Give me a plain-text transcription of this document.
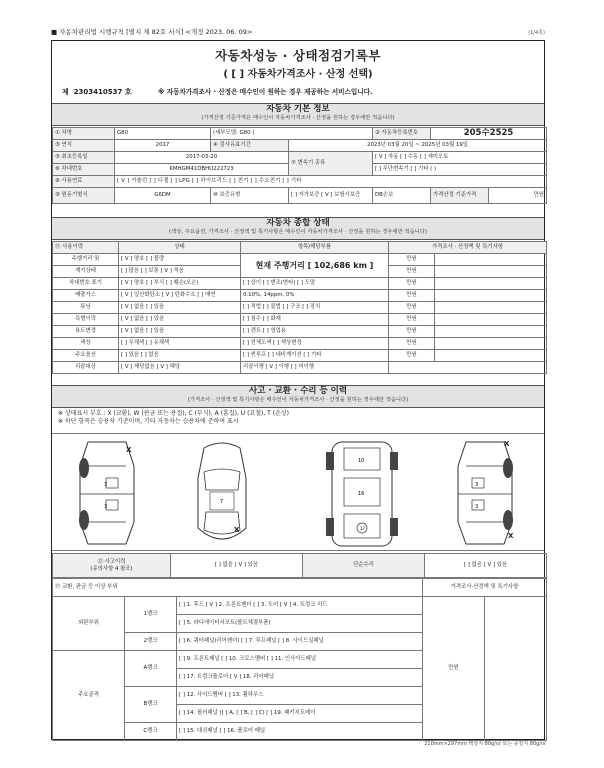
■ 자동차관리법 시행규칙 [별지 제 82호 서식] <개정 2023. 06. 09>	(1/4쪽)
자동차성능 · 상태점검기록부
( [ ] 자동차가격조사 · 산정 선택)
제 2303410537 호	※ 자동차가격조사 · 산정은 매수인이 원하는 경우 제공하는 서비스입니다.
자동차 기본 정보
(가격산정 기준가격은 매수인이 자동차가격조사 · 산정을 원하는 경우에만 적습니다)
① 차명	G80	(세부모델: G80 )		② 자동차등록번호	205수2525	
③ 연식	2017	④ 검사유효기간	2023년 03월 20일 ~ 2025년 03월 19일			
⑤ 최초등록일	2017-03-20		⑦ 변속기 종류	[ V ] 자동 [ ] 수동 [ ] 세미오토		
⑥ 차대번호	KMHGM41DBHU222723			[ ] 무단변속기 [ ] 기타 ( )		
⑧ 사용연료	[ V ] 가솔린 [ ] 디젤 [ ] LPG [ ] 하이브리드 [ ] 전기 [ ] 수소전기 [ ] 기타					
⑨ 원동기형식	G6DM	⑩ 보증유형	[ ] 자가보증 [ V ] 보험사보증	DB손보	가격산정 기준가격	만원
자동차 종합 상태
(색상, 주요옵션, 가격조사 · 산정액 및 특기사항은 매수인이 자동차가격조사 · 산정을 원하는 경우에만 적습니다)
⑪ 사용이력	상태	항목/해당부품	가격조사 · 산정액 및 특기사항	
주행거리 및	[ V ] 양호 [ ] 불량	현재 주행거리 [ 102,686 km ]	만원	
계기상태	[ ] 많음 [ ] 보통 [ V ] 적음		만원	
차대번호 표기	[ V ] 양호 [ ] 부식 [ ] 훼손(오손)	[ ] 상이 [ ] 변조(변타) [ ] 도말	만원	
배출가스	[ V ] 일산화탄소 [ V ] 탄화수소 [ ] 매연	0.10%, 14ppm, 0%	만원	
튜닝	[ V ] 없음 [ ] 있음	[ ] 적법 [ ] 불법 [ ] 구조 [ ] 장치	만원	
특별이력	[ V ] 없음 [ ] 있음	[ ] 침수 [ ] 화재	만원	
용도변경	[ V ] 없음 [ ] 있음	[ ] 렌트 [ ] 영업용	만원	
색상	[ ] 무채색 [ ] 유채색	[ ] 전체도색 [ ] 색상변경	만원	
주요옵션	[ ] 있음 [ ] 없음	[ ] 썬루프 [ ] 네비게이션 [ ] 기타	만원	
리콜대상	[ V ] 해당없음 [ V ] 해당	리콜이행 [ V ] 이행 [ ] 미이행		
사고 · 교환 · 수리 등 이력
(가격조사 · 산정액 및 특기사항은 매수인이 자동차가격조사 · 산정을 원하는 경우에만 적습니다)
※ 상태표시 부호 : X (교환), W (판금 또는 용접), C (부식), A (흠집), U (요철), T (손상)
※ 하단 항목은 승용차 기준이며, 기타 자동차는 승용차에 준하여 표시
3
3
X
7
X
10
16
17
3
3
X
X
⑫ 사고이력
(유의사항 4 참조)
	[ ] 없음 [ V ] 있음	단순수리	[ ] 없음 [ V ] 있음
⑬ 교환, 판금 등 이상 부위			가격조사·산정액 및 특기사항	
외판부위	1랭크	[ ] 1. 후드 [ V ] 2. 프론트펜더 [ ] 3. 도어 [ V ] 4. 트렁크 리드	만원	
		[ ] 5. 라디에이터서포트(볼트체결부품)		
	2랭크	[ ] 6. 쿼터패널(리어펜더) [ ] 7. 루프패널 [ ] 8. 사이드실패널		
주요골격	A랭크	[ ] 9. 프론트패널 [ ] 10. 크로스멤버 [ ] 11. 인사이드패널		
		[ ] 17. 트렁크플로어 [ V ] 18. 리어패널		
	B랭크	[ ] 12. 사이드멤버 [ ] 13. 휠하우스		
		[ ] 14. 필러패널 ([ ] A, [ ] B, [ ] C) [ ] 19. 패키지트레이		
	C랭크	[ ] 15. 대쉬패널 [ ] 16. 플로어 패널		
210mm×297mm 백상지 80g/㎡ 또는 중질지 80g/㎡
